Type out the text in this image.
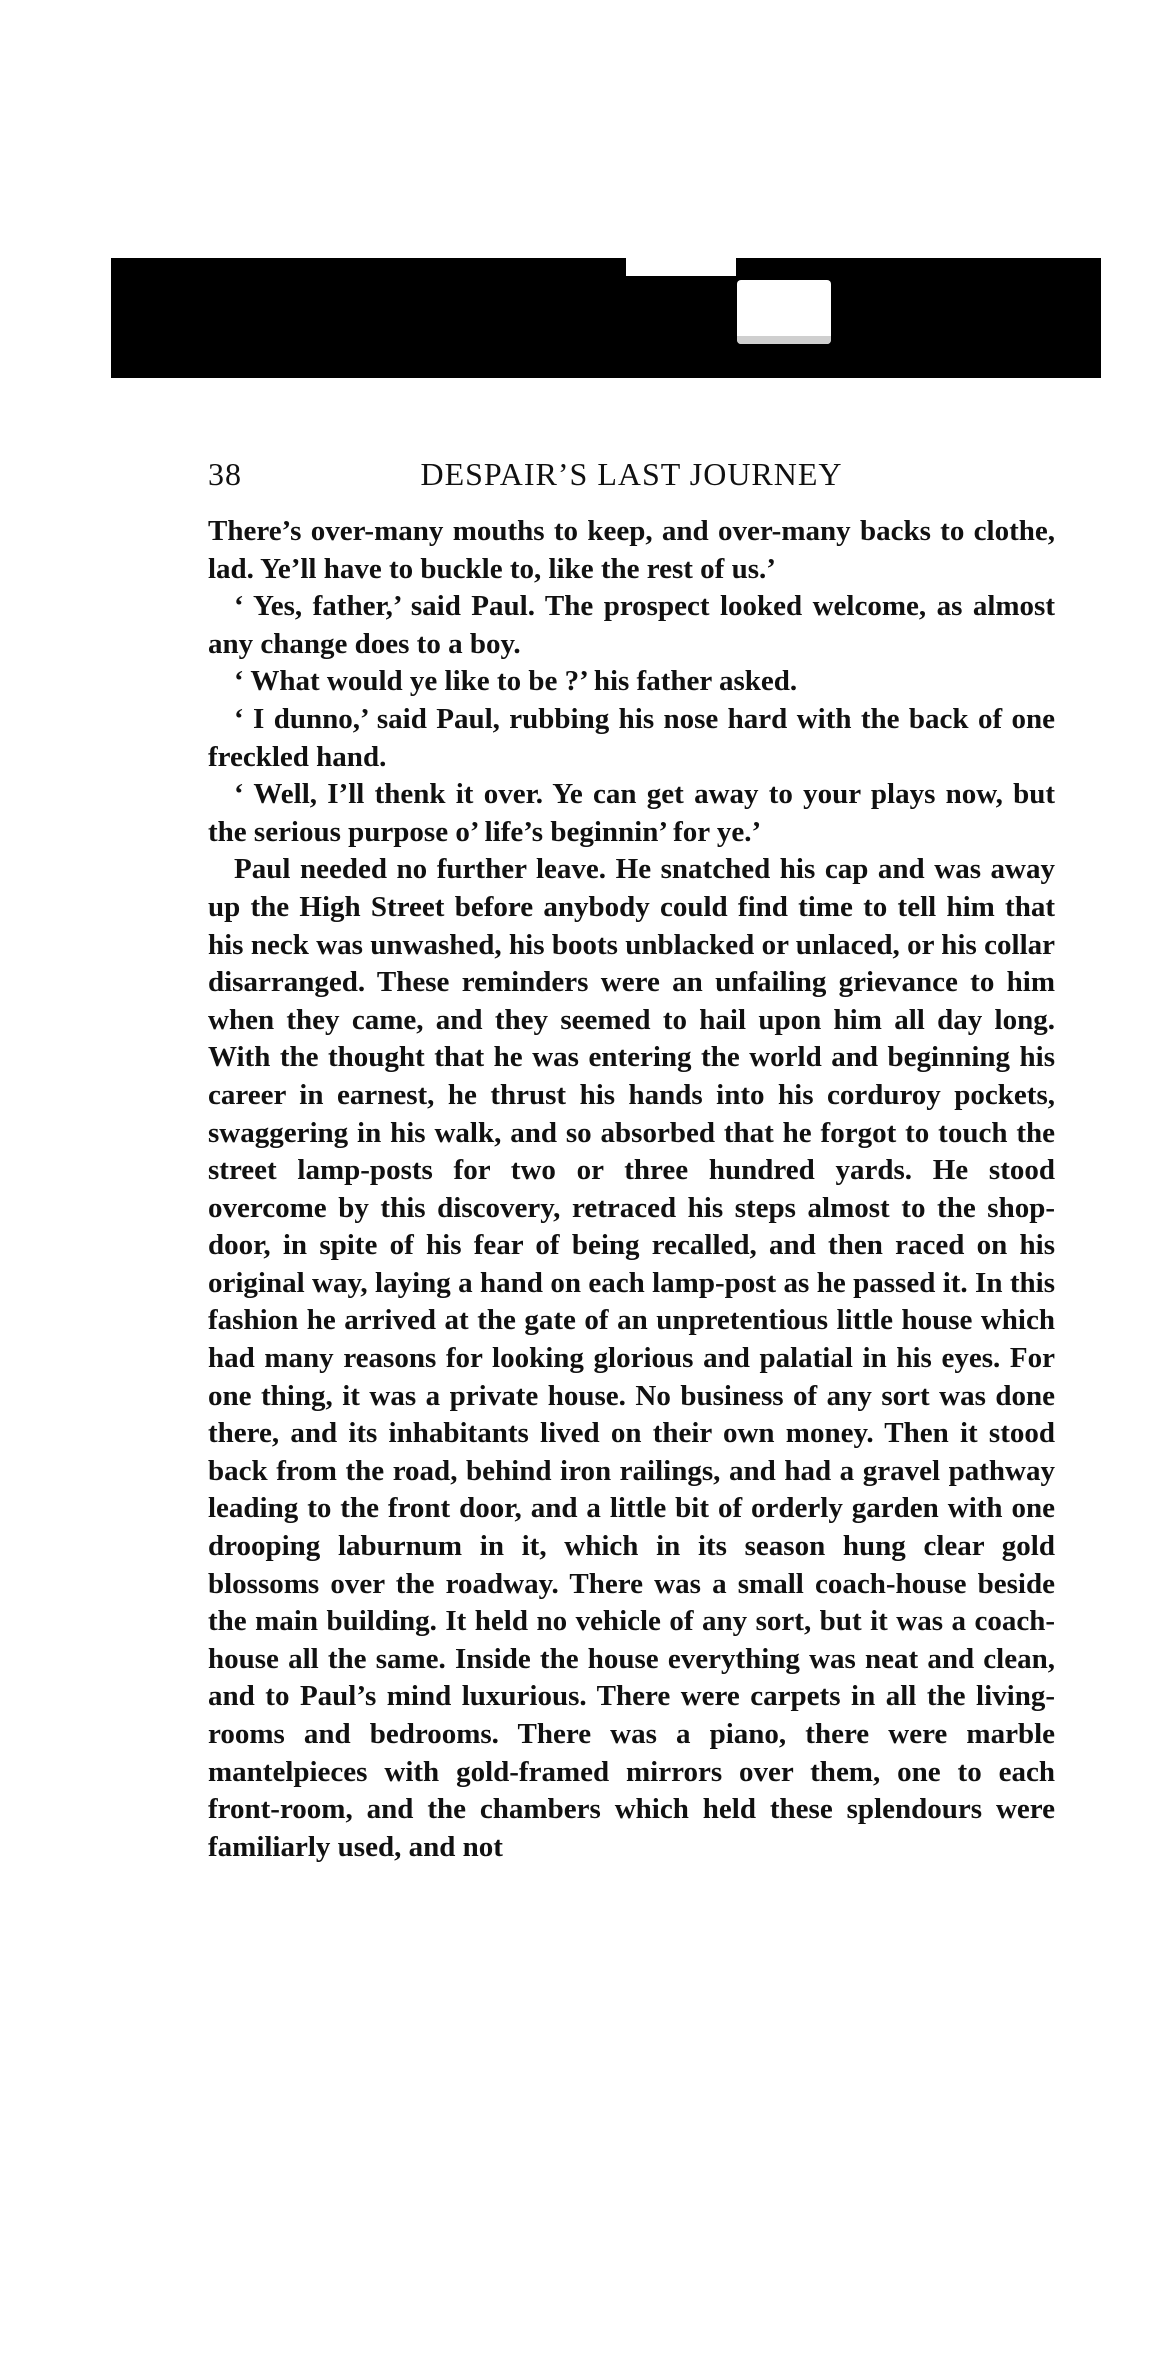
38	DESPAIR’S LAST JOURNEY

There’s over-many mouths to keep, and over-many backs to clothe, lad. Ye’ll have to buckle to, like the rest of us.’

‘ Yes, father,’ said Paul. The prospect looked welcome, as almost any change does to a boy.

‘ What would ye like to be ?’ his father asked.

‘ I dunno,’ said Paul, rubbing his nose hard with the back of one freckled hand.

‘ Well, I’ll thenk it over. Ye can get away to your plays now, but the serious purpose o’ life’s beginnin’ for ye.’

Paul needed no further leave. He snatched his cap and was away up the High Street before anybody could find time to tell him that his neck was unwashed, his boots unblacked or unlaced, or his collar disarranged. These reminders were an unfailing grievance to him when they came, and they seemed to hail upon him all day long. With the thought that he was entering the world and beginning his career in earnest, he thrust his hands into his corduroy pockets, swaggering in his walk, and so absorbed that he forgot to touch the street lamp-posts for two or three hundred yards. He stood overcome by this discovery, retraced his steps almost to the shop-door, in spite of his fear of being recalled, and then raced on his original way, laying a hand on each lamp-post as he passed it. In this fashion he arrived at the gate of an unpretentious little house which had many reasons for looking glorious and palatial in his eyes. For one thing, it was a private house. No business of any sort was done there, and its inhabitants lived on their own money. Then it stood back from the road, behind iron railings, and had a gravel pathway leading to the front door, and a little bit of orderly garden with one drooping laburnum in it, which in its season hung clear gold blossoms over the roadway. There was a small coach-house beside the main building. It held no vehicle of any sort, but it was a coach-house all the same. Inside the house everything was neat and clean, and to Paul’s mind luxurious. There were carpets in all the living-rooms and bedrooms. There was a piano, there were marble mantelpieces with gold-framed mirrors over them, one to each front-room, and the chambers which held these splendours were familiarly used, and not
